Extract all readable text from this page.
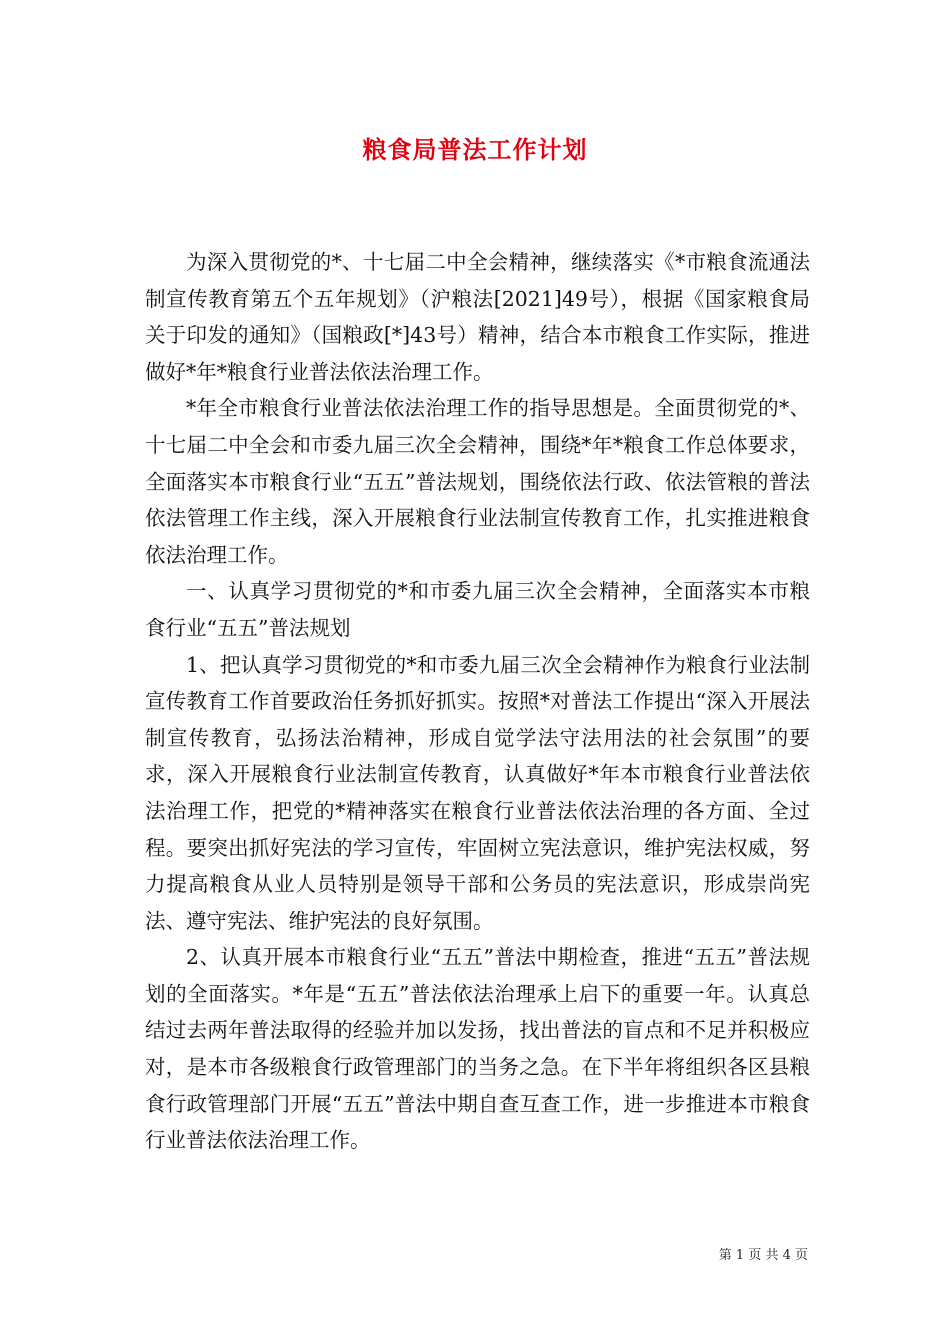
粮食局普法工作计划

为深入贯彻党的*、十七届二中全会精神，继续落实《*市粮食流通法制宣传教育第五个五年规划》（沪粮法[2021]49号），根据《国家粮食局关于印发的通知》（国粮政[*]43号）精神，结合本市粮食工作实际，推进做好*年*粮食行业普法依法治理工作。

*年全市粮食行业普法依法治理工作的指导思想是。全面贯彻党的*、十七届二中全会和市委九届三次全会精神，围绕*年*粮食工作总体要求，全面落实本市粮食行业“五五”普法规划，围绕依法行政、依法管粮的普法依法管理工作主线，深入开展粮食行业法制宣传教育工作，扎实推进粮食依法治理工作。

一、认真学习贯彻党的*和市委九届三次全会精神，全面落实本市粮食行业“五五”普法规划

1、把认真学习贯彻党的*和市委九届三次全会精神作为粮食行业法制宣传教育工作首要政治任务抓好抓实。按照*对普法工作提出“深入开展法制宣传教育，弘扬法治精神，形成自觉学法守法用法的社会氛围”的要求，深入开展粮食行业法制宣传教育，认真做好*年本市粮食行业普法依法治理工作，把党的*精神落实在粮食行业普法依法治理的各方面、全过程。要突出抓好宪法的学习宣传，牢固树立宪法意识，维护宪法权威，努力提高粮食从业人员特别是领导干部和公务员的宪法意识，形成崇尚宪法、遵守宪法、维护宪法的良好氛围。

2、认真开展本市粮食行业“五五”普法中期检查，推进“五五”普法规划的全面落实。*年是“五五”普法依法治理承上启下的重要一年。认真总结过去两年普法取得的经验并加以发扬，找出普法的盲点和不足并积极应对，是本市各级粮食行政管理部门的当务之急。在下半年将组织各区县粮食行政管理部门开展“五五”普法中期自查互查工作，进一步推进本市粮食行业普法依法治理工作。

第 1 页 共 4 页
